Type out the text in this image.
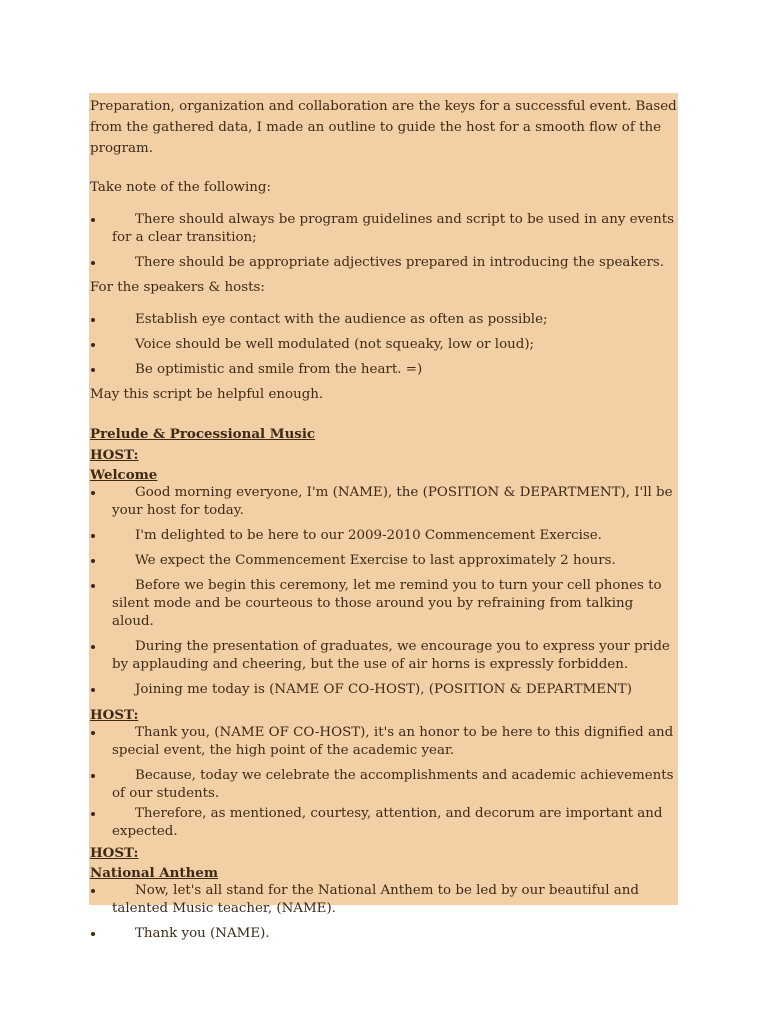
Preparation, organization and collaboration are the keys for a successful event. Based from the gathered data, I made an outline to guide the host for a smooth flow of the program.

Take note of the following:

There should always be program guidelines and script to be used in any events for a clear transition;
There should be appropriate adjectives prepared in introducing the speakers.

For the speakers & hosts:

Establish eye contact with the audience as often as possible;
Voice should be well modulated (not squeaky, low or loud);
Be optimistic and smile from the heart. =)

May this script be helpful enough.

Prelude & Processional Music

HOST:

Welcome

Good morning everyone, I'm (NAME), the (POSITION & DEPARTMENT), I'll be your host for today.
I'm delighted to be here to our 2009-2010 Commencement Exercise.
We expect the Commencement Exercise to last approximately 2 hours.
Before we begin this ceremony, let me remind you to turn your cell phones to silent mode and be courteous to those around you by refraining from talking aloud.
During the presentation of graduates, we encourage you to express your pride by applauding and cheering, but the use of air horns is expressly forbidden.
Joining me today is (NAME OF CO-HOST), (POSITION & DEPARTMENT)

HOST:

Thank you, (NAME OF CO-HOST), it's an honor to be here to this dignified and special event, the high point of the academic year.
Because, today we celebrate the accomplishments and academic achievements of our students.
Therefore, as mentioned, courtesy, attention, and decorum are important and expected.

HOST:

National Anthem

Now, let's all stand for the National Anthem to be led by our beautiful and talented Music teacher, (NAME).
Thank you (NAME).
